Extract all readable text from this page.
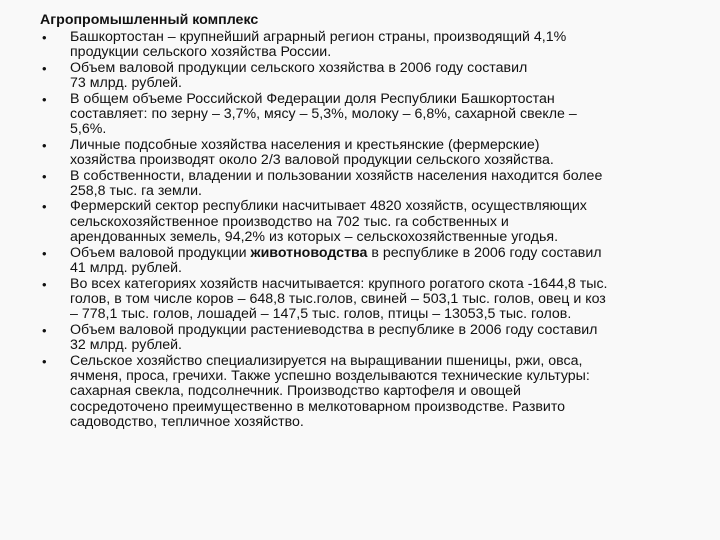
Агропромышленный комплекс
• Башкортостан – крупнейший аграрный регион страны, производящий 4,1%
продукции сельского хозяйства России.
• Объем валовой продукции сельского хозяйства в 2006 году составил
73 млрд. рублей.
• В общем объеме Российской Федерации доля Республики Башкортостан
составляет: по зерну – 3,7%, мясу – 5,3%, молоку – 6,8%, сахарной свекле –
5,6%.
• Личные подсобные хозяйства населения и крестьянские (фермерские)
хозяйства производят около 2/3 валовой продукции сельского хозяйства.
• В собственности, владении и пользовании хозяйств населения находится более
258,8 тыс. га земли.
• Фермерский сектор республики насчитывает 4820 хозяйств, осуществляющих
сельскохозяйственное производство на 702 тыс. га собственных и
арендованных земель, 94,2% из которых – сельскохозяйственные угодья.
• Объем валовой продукции животноводства в республике в 2006 году составил
41 млрд. рублей.
• Во всех категориях хозяйств насчитывается: крупного рогатого скота -1644,8 тыс.
голов, в том числе коров – 648,8 тыс.голов, свиней – 503,1 тыс. голов, овец и коз
– 778,1 тыс. голов, лошадей – 147,5 тыс. голов, птицы – 13053,5 тыс. голов.
• Объем валовой продукции растениеводства в республике в 2006 году составил
32 млрд. рублей.
• Сельское хозяйство специализируется на выращивании пшеницы, ржи, овса,
ячменя, проса, гречихи. Также успешно возделываются технические культуры:
сахарная свекла, подсолнечник. Производство картофеля и овощей
сосредоточено преимущественно в мелкотоварном производстве. Развито
садоводство, тепличное хозяйство.
